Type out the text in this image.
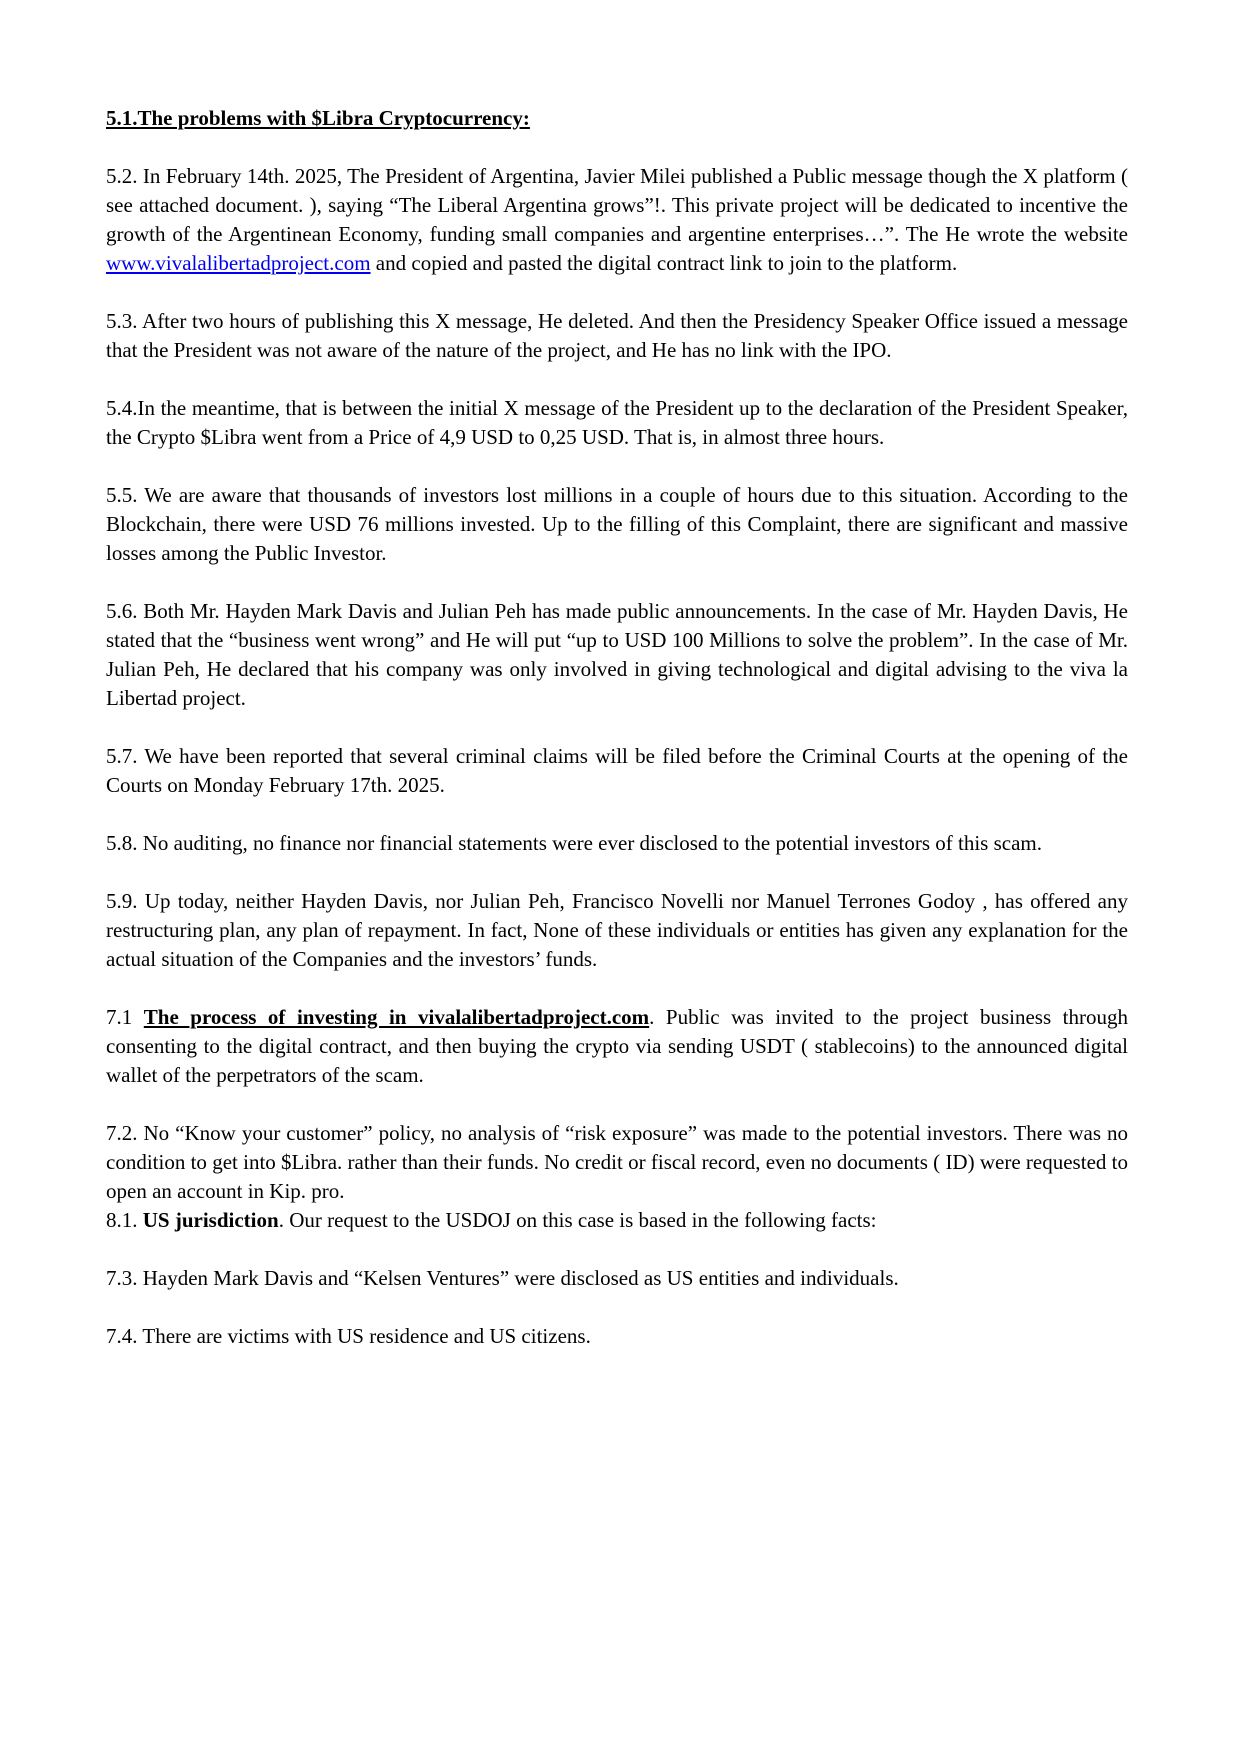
5.1.The problems with $Libra Cryptocurrency:

5.2. In February 14th. 2025, The President of Argentina, Javier Milei published a Public message though the X platform ( see attached document. ), saying “The Liberal Argentina grows”!. This private project will be dedicated to incentive the growth of the Argentinean Economy, funding small companies and argentine enterprises…”. The He wrote the website www.vivalalibertadproject.com and copied and pasted the digital contract link to join to the platform.

5.3. After two hours of publishing this X message, He deleted. And then the Presidency Speaker Office issued a message that the President was not aware of the nature of the project, and He has no link with the IPO.

5.4.In the meantime, that is between the initial X message of the President up to the declaration of the President Speaker, the Crypto $Libra went from a Price of 4,9 USD to 0,25 USD. That is, in almost three hours.

5.5. We are aware that thousands of investors lost millions in a couple of hours due to this situation. According to the Blockchain, there were USD 76 millions invested. Up to the filling of this Complaint, there are significant and massive losses among the Public Investor.

5.6. Both Mr. Hayden Mark Davis and Julian Peh has made public announcements. In the case of Mr. Hayden Davis, He stated that the “business went wrong” and He will put “up to USD 100 Millions to solve the problem”. In the case of Mr. Julian Peh, He declared that his company was only involved in giving technological and digital advising to the viva la Libertad project.

5.7. We have been reported that several criminal claims will be filed before the Criminal Courts at the opening of the Courts on Monday February 17th. 2025.

5.8. No auditing, no finance nor financial statements were ever disclosed to the potential investors of this scam.

5.9. Up today, neither Hayden Davis, nor Julian Peh, Francisco Novelli nor Manuel Terrones Godoy , has offered any restructuring plan, any plan of repayment. In fact, None of these individuals or entities has given any explanation for the actual situation of the Companies and the investors’ funds.

7.1 The process of investing in vivalalibertadproject.com. Public was invited to the project business through consenting to the digital contract, and then buying the crypto via sending USDT ( stablecoins) to the announced digital wallet of the perpetrators of the scam.

7.2. No “Know your customer” policy, no analysis of “risk exposure” was made to the potential investors. There was no condition to get into $Libra. rather than their funds. No credit or fiscal record, even no documents ( ID) were requested to open an account in Kip. pro.

8.1. US jurisdiction. Our request to the USDOJ on this case is based in the following facts:

7.3. Hayden Mark Davis and “Kelsen Ventures” were disclosed as US entities and individuals.

7.4. There are victims with US residence and US citizens.
